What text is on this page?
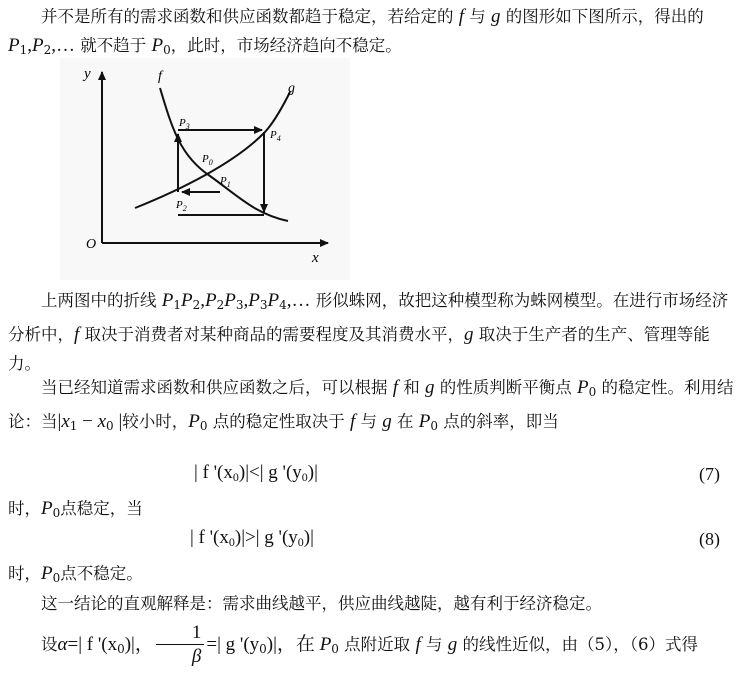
并不是所有的需求函数和供应函数都趋于稳定，若给定的 f 与 g 的图形如下图所示，得出的 $P_1,P_2,\dots$ 就不趋于 $P_0$，此时，市场经济趋向不稳定。

y
x
O
f
g
$P_3$
$P_4$
$P_0$
$P_1$
$P_2$

上两图中的折线 $P_1P_2,P_2P_3,P_3P_4,\dots$ 形似蛛网，故把这种模型称为蛛网模型。在进行市场经济分析中，f 取决于消费者对某种商品的需要程度及其消费水平，g 取决于生产者的生产、管理等能力。

当已经知道需求函数和供应函数之后，可以根据 f 和 g 的性质判断平衡点 $P_0$ 的稳定性。利用结论：当$|x_1 - x_0$ |较小时，$P_0$ 点的稳定性取决于 f 与 g 在 $P_0$ 点的斜率，即当

| f '$(x_0)|<|$ g '$(y_0)|$	(7)

时，$P_0$点稳定，当

| f '$(x_0)|>|$ g '$(y_0)|$	(8)

时，$P_0$点不稳定。

这一结论的直观解释是：需求曲线越平，供应曲线越陡，越有利于经济稳定。

设α=| f '$(x_0)|$， $\frac{1}{\beta}$ =| g '$(y_0)|$，在 $P_0$ 点附近取 f 与 g 的线性近似，由（5），（6）式得
